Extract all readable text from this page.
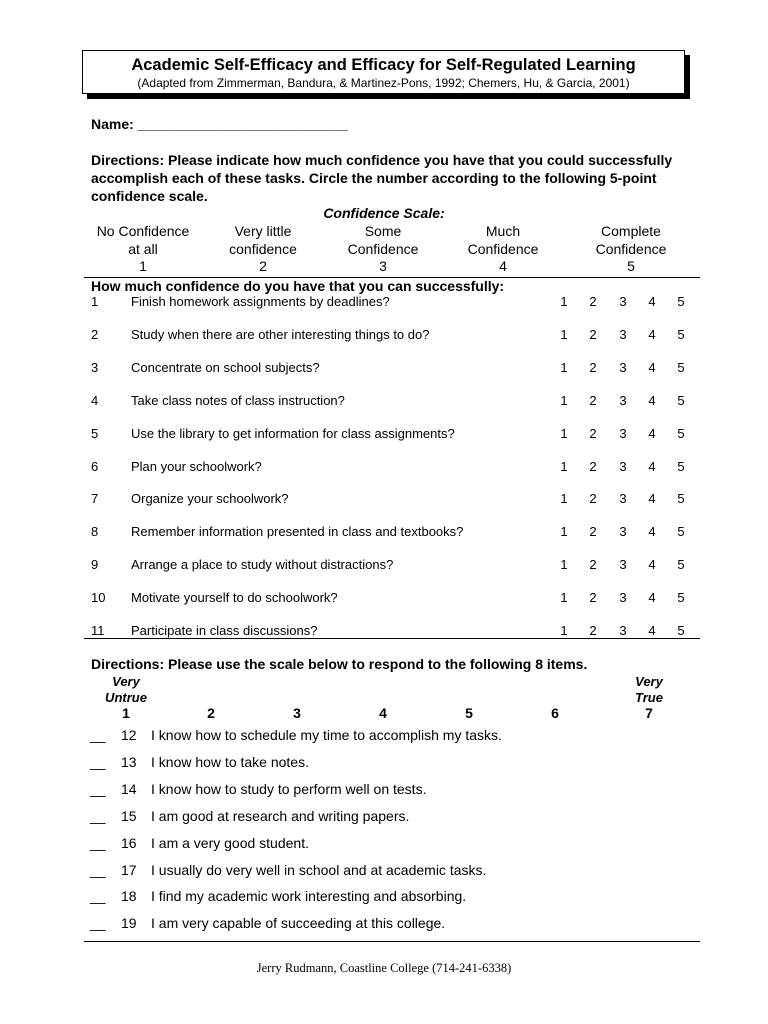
Academic Self-Efficacy and Efficacy for Self-Regulated Learning
(Adapted from Zimmerman, Bandura, & Martinez-Pons, 1992; Chemers, Hu, & Garcia, 2001)
Name: ___________________________
Directions: Please indicate how much confidence you have that you could successfully accomplish each of these tasks. Circle the number according to the following 5-point confidence scale.
Confidence Scale:
No Confidence
at all
1
Very little
confidence
2
Some
Confidence
3
Much
Confidence
4
Complete
Confidence
5
How much confidence do you have that you can successfully:
1	Finish homework assignments by deadlines?	1 2 3 4 5
2	Study when there are other interesting things to do?	1 2 3 4 5
3	Concentrate on school subjects?	1 2 3 4 5
4	Take class notes of class instruction?	1 2 3 4 5
5	Use the library to get information for class assignments?	1 2 3 4 5
6	Plan your schoolwork?	1 2 3 4 5
7	Organize your schoolwork?	1 2 3 4 5
8	Remember information presented in class and textbooks?	1 2 3 4 5
9	Arrange a place to study without distractions?	1 2 3 4 5
10 Motivate yourself to do schoolwork?	1 2 3 4 5
11 Participate in class discussions?	1 2 3 4 5
Directions: Please use the scale below to respond to the following 8 items.
Very
Untrue
Very
True
1	2	3	4	5	6	7
__ 12 I know how to schedule my time to accomplish my tasks.
__ 13 I know how to take notes.
__ 14 I know how to study to perform well on tests.
__ 15 I am good at research and writing papers.
__ 16 I am a very good student.
__ 17 I usually do very well in school and at academic tasks.
__ 18 I find my academic work interesting and absorbing.
__ 19 I am very capable of succeeding at this college.
Jerry Rudmann, Coastline College (714-241-6338)
